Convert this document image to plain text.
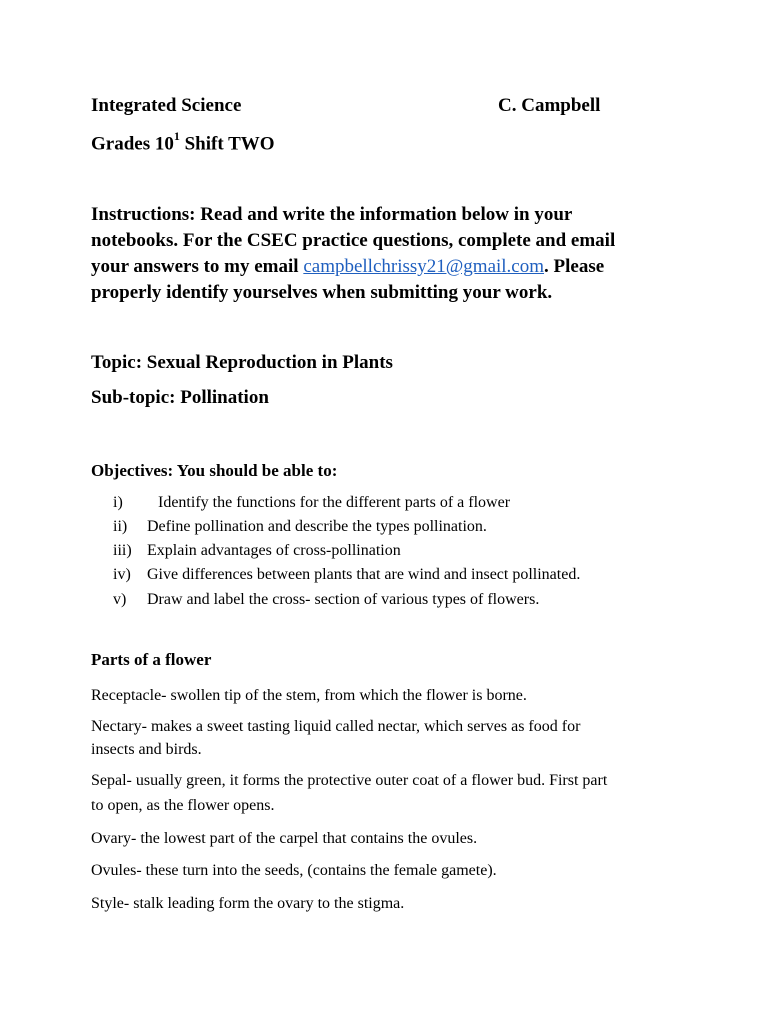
Integrated Science	C. Campbell
Grades $10^1$ Shift TWO
Instructions: Read and write the information below in your
notebooks. For the CSEC practice questions, complete and email
your answers to my email campbellchrissy21@gmail.com. Please
properly identify yourselves when submitting your work.
Topic: Sexual Reproduction in Plants
Sub-topic: Pollination
Objectives: You should be able to:
i) Identify the functions for the different parts of a flower
ii) Define pollination and describe the types pollination.
iii) Explain advantages of cross-pollination
iv) Give differences between plants that are wind and insect pollinated.
v) Draw and label the cross- section of various types of flowers.
Parts of a flower
Receptacle- swollen tip of the stem, from which the flower is borne.
Nectary- makes a sweet tasting liquid called nectar, which serves as food for
insects and birds.
Sepal- usually green, it forms the protective outer coat of a flower bud. First part
to open, as the flower opens.
Ovary- the lowest part of the carpel that contains the ovules.
Ovules- these turn into the seeds, (contains the female gamete).
Style- stalk leading form the ovary to the stigma.
